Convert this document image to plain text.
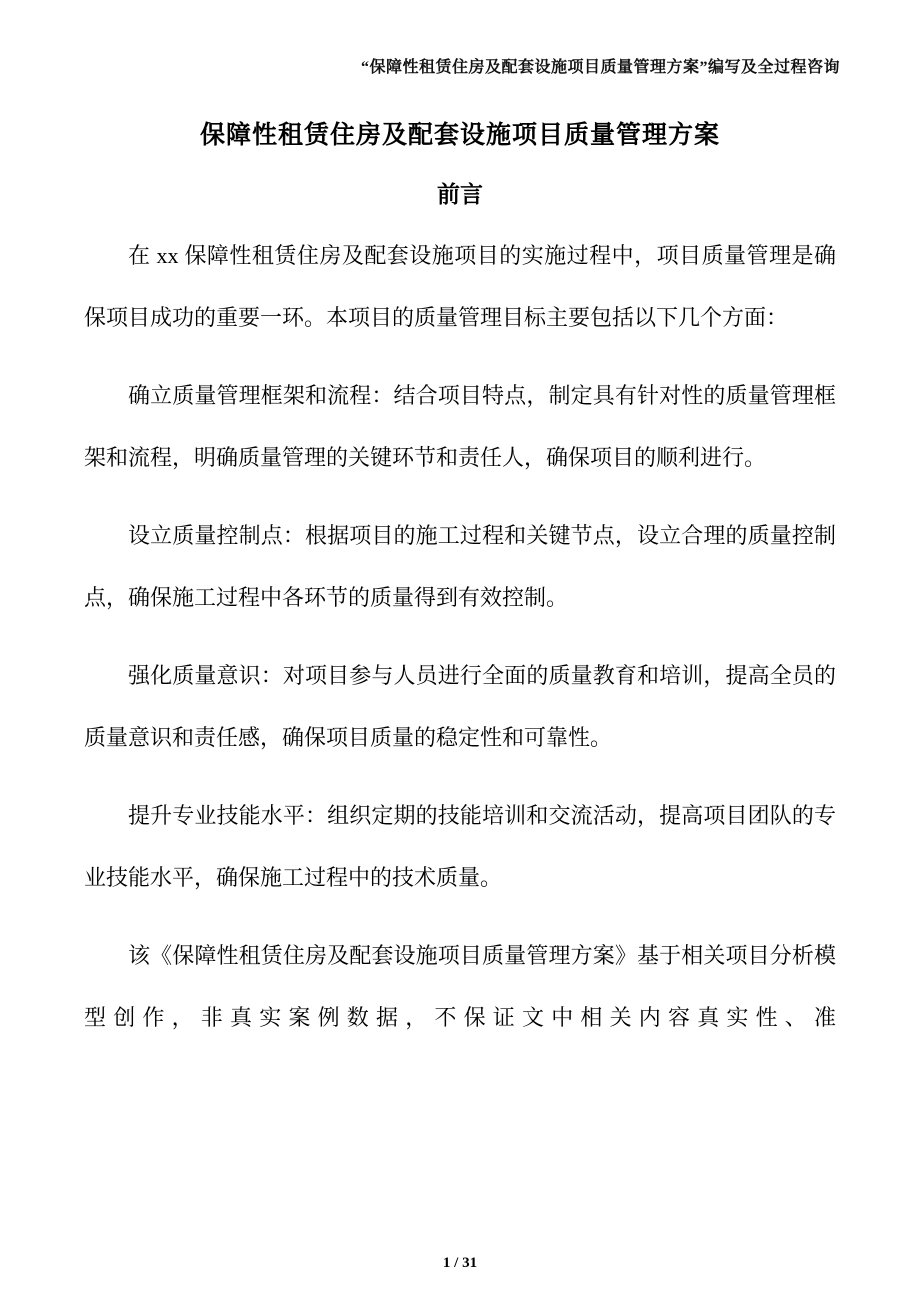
“保障性租赁住房及配套设施项目质量管理方案”编写及全过程咨询
保障性租赁住房及配套设施项目质量管理方案
前言

在 xx 保障性租赁住房及配套设施项目的实施过程中，项目质量管理是确保项目成功的重要一环。本项目的质量管理目标主要包括以下几个方面：

确立质量管理框架和流程：结合项目特点，制定具有针对性的质量管理框架和流程，明确质量管理的关键环节和责任人，确保项目的顺利进行。

设立质量控制点：根据项目的施工过程和关键节点，设立合理的质量控制点，确保施工过程中各环节的质量得到有效控制。

强化质量意识：对项目参与人员进行全面的质量教育和培训，提高全员的质量意识和责任感，确保项目质量的稳定性和可靠性。

提升专业技能水平：组织定期的技能培训和交流活动，提高项目团队的专业技能水平，确保施工过程中的技术质量。

该《保障性租赁住房及配套设施项目质量管理方案》基于相关项目分析模型创作，非真实案例数据，不保证文中相关内容真实性、准

1 / 31
